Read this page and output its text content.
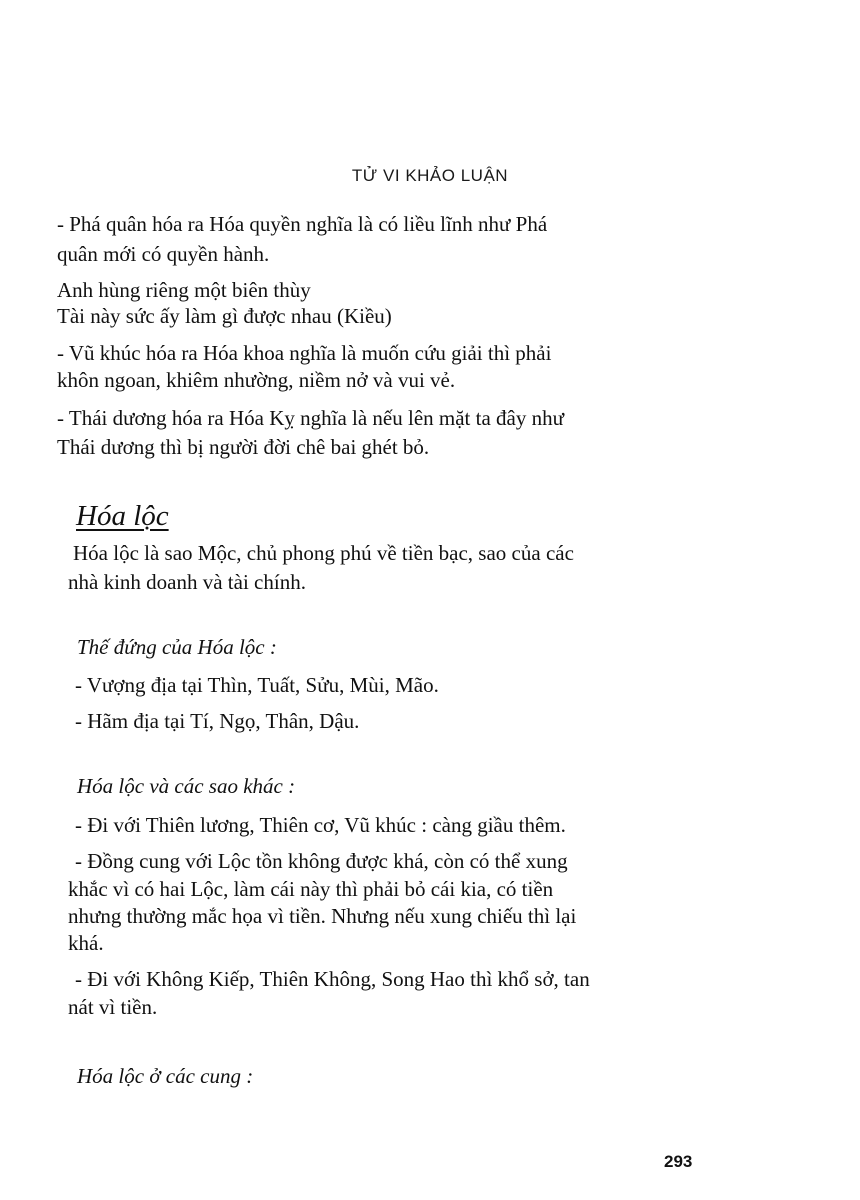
TỬ VI KHẢO LUẬN
- Phá quân hóa ra Hóa quyền nghĩa là có liều lĩnh như Phá
quân mới có quyền hành.
Anh hùng riêng một biên thùy
Tài này sức ấy làm gì được nhau (Kiều)
- Vũ khúc hóa ra Hóa khoa nghĩa là muốn cứu giải thì phải
khôn ngoan, khiêm nhường, niềm nở và vui vẻ.
- Thái dương hóa ra Hóa Kỵ nghĩa là nếu lên mặt ta đây như
Thái dương thì bị người đời chê bai ghét bỏ.
Hóa lộc
Hóa lộc là sao Mộc, chủ phong phú về tiền bạc, sao của các
nhà kinh doanh và tài chính.
Thế đứng của Hóa lộc :
- Vượng địa tại Thìn, Tuất, Sửu, Mùi, Mão.
- Hãm địa tại Tí, Ngọ, Thân, Dậu.
Hóa lộc và các sao khác :
- Đi với Thiên lương, Thiên cơ, Vũ khúc : càng giầu thêm.
- Đồng cung với Lộc tồn không được khá, còn có thể xung
khắc vì có hai Lộc, làm cái này thì phải bỏ cái kia, có tiền
nhưng thường mắc họa vì tiền. Nhưng nếu xung chiếu thì lại
khá.
- Đi với Không Kiếp, Thiên Không, Song Hao thì khổ sở, tan
nát vì tiền.
Hóa lộc ở các cung :
293
